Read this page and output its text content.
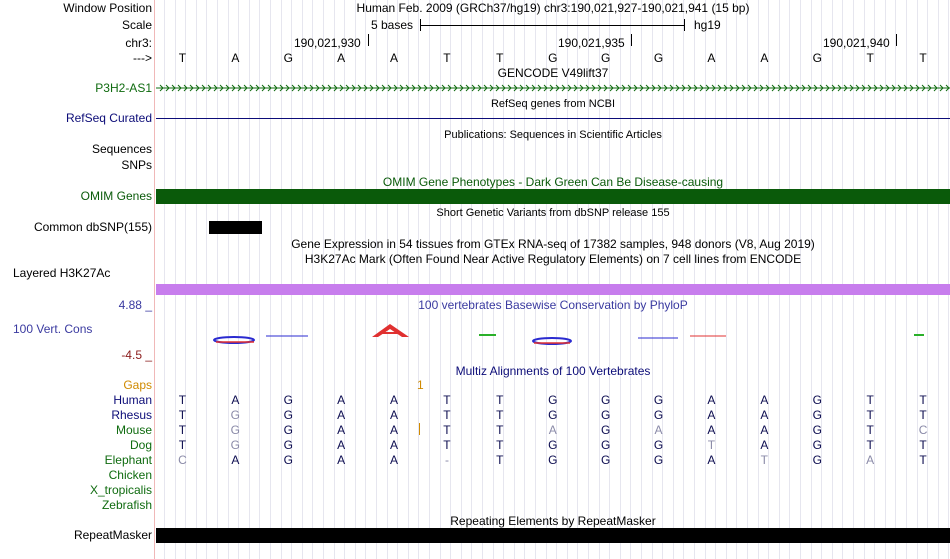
Window Position
Scale
chr3:
--->
Human Feb. 2009 (GRCh37/hg19) chr3:190,021,927-190,021,941 (15 bp)
5 bases	hg19
190,021,930	190,021,935	190,021,940
T	A	G	A	A	T	T	G	G	G	A	A	G	T	T
GENCODE V49lift37
P3H2-AS1
RefSeq genes from NCBI
RefSeq Curated
Publications: Sequences in Scientific Articles
Sequences
SNPs
OMIM Gene Phenotypes - Dark Green Can Be Disease-causing
OMIM Genes
Short Genetic Variants from dbSNP release 155
Common dbSNP(155)
Gene Expression in 54 tissues from GTEx RNA-seq of 17382 samples, 948 donors (V8, Aug 2019)
H3K27Ac Mark (Often Found Near Active Regulatory Elements) on 7 cell lines from ENCODE
Layered H3K27Ac
100 vertebrates Basewise Conservation by PhyloP
4.88 _
100 Vert. Cons
-4.5 _
Multiz Alignments of 100 Vertebrates
Gaps	1
Human	T	A	G	A	A	T	T	G	G	G	A	A	G	T	T
Rhesus	T	G	G	A	A	T	T	G	G	G	A	A	G	T	T
Mouse	T	G	G	A	A	T	T	A	G	A	A	A	G	T	C
Dog	T	G	G	A	A	T	T	G	G	G	T	A	G	T	T
Elephant	C	A	G	A	A	-	T	G	G	G	A	T	G	A	T
Chicken
X_tropicalis
Zebrafish
Repeating Elements by RepeatMasker
RepeatMasker
